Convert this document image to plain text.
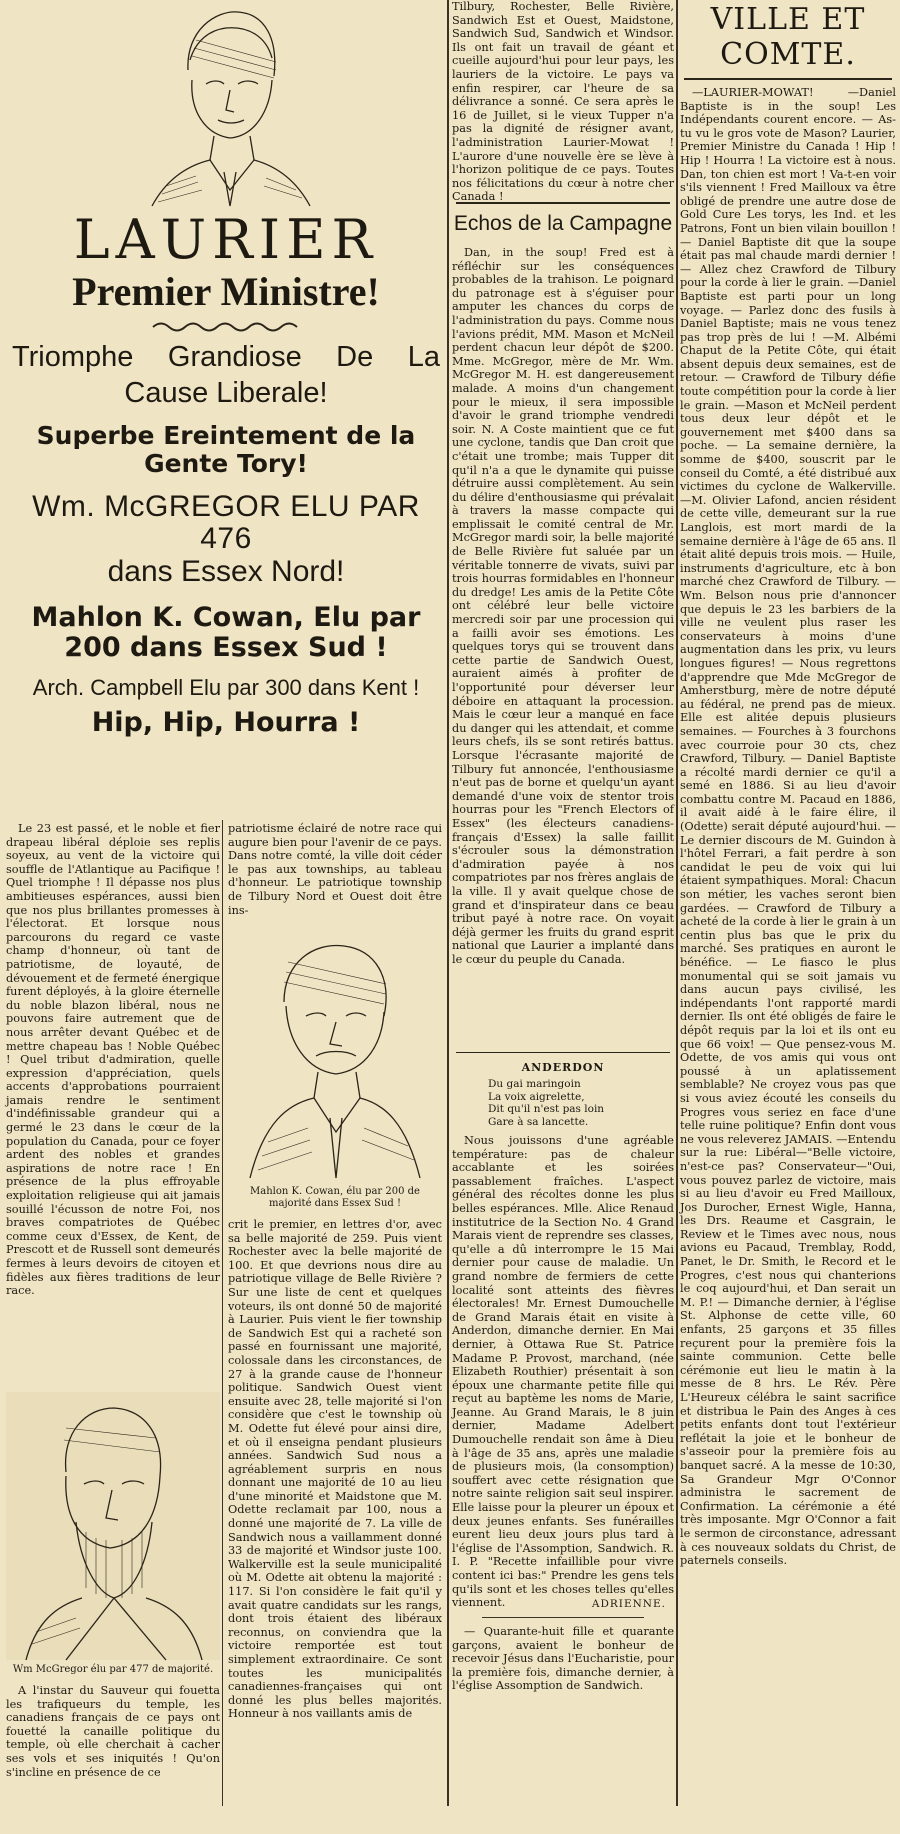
LAURIER
Premier Ministre!
Triomphe Grandiose De La
Cause Liberale!
Superbe Ereintement de la
Gente Tory!
Wm. McGREGOR ELU PAR 476
dans Essex Nord!
Mahlon K. Cowan, Elu par
200 dans Essex Sud !
Arch. Campbell Elu par 300 dans Kent !
Hip, Hip, Hourra !

Le 23 est passé, et le noble et fier drapeau libéral déploie ses replis soyeux, au vent de la victoire qui souffle de l'Atlantique au Pacifique ! Quel triomphe ! Il dépasse nos plus ambitieuses espérances, aussi bien que nos plus brillantes promesses à l'électorat. Et lorsque nous parcourons du regard ce vaste champ d'honneur, où tant de patriotisme, de loyauté, de dévouement et de fermeté énergique furent déployés, à la gloire éternelle du noble blazon libéral, nous ne pouvons faire autrement que de nous arrêter devant Québec et de mettre chapeau bas ! Noble Québec ! Quel tribut d'admiration, quelle expression d'appréciation, quels accents d'approbations pourraient jamais rendre le sentiment d'indéfinissable grandeur qui a germé le 23 dans le cœur de la population du Canada, pour ce foyer ardent des nobles et grandes aspirations de notre race ! En présence de la plus effroyable exploitation religieuse qui ait jamais souillé l'écusson de notre Foi, nos braves compatriotes de Québec comme ceux d'Essex, de Kent, de Prescott et de Russell sont demeurés fermes à leurs devoirs de citoyen et fidèles aux fières traditions de leur race.

Wm McGregor élu par 477 de majorité.

A l'instar du Sauveur qui fouetta les trafiqueurs du temple, les canadiens français de ce pays ont fouetté la canaille politique du temple, où elle cherchait à cacher ses vols et ses iniquités ! Qu'on s'incline en présence de ce

patriotisme éclairé de notre race qui augure bien pour l'avenir de ce pays. Dans notre comté, la ville doit céder le pas aux townships, au tableau d'honneur. Le patriotique township de Tilbury Nord et Ouest doit être ins-

Mahlon K. Cowan, élu par 200 de majorité dans Essex Sud !

crit le premier, en lettres d'or, avec sa belle majorité de 259. Puis vient Rochester avec la belle majorité de 100. Et que devrions nous dire au patriotique village de Belle Rivière ? Sur une liste de cent et quelques voteurs, ils ont donné 50 de majorité à Laurier. Puis vient le fier township de Sandwich Est qui a racheté son passé en fournissant une majorité, colossale dans les circonstances, de 27 à la grande cause de l'honneur politique. Sandwich Ouest vient ensuite avec 28, telle majorité si l'on considère que c'est le township où M. Odette fut élevé pour ainsi dire, et où il enseigna pendant plusieurs années. Sandwich Sud nous a agréablement surpris en nous donnant une majorité de 10 au lieu d'une minorité et Maidstone que M. Odette reclamait par 100, nous a donné une majorité de 7. La ville de Sandwich nous a vaillamment donné 33 de majorité et Windsor juste 100. Walkerville est la seule municipalité où M. Odette ait obtenu la majorité : 117. Si l'on considère le fait qu'il y avait quatre candidats sur les rangs, dont trois étaient des libéraux reconnus, on conviendra que la victoire remportée est tout simplement extraordinaire. Ce sont toutes les municipalités canadiennes-françaises qui ont donné les plus belles majorités. Honneur à nos vaillants amis de

Tilbury, Rochester, Belle Rivière, Sandwich Est et Ouest, Maidstone, Sandwich Sud, Sandwich et Windsor. Ils ont fait un travail de géant et cueille aujourd'hui pour leur pays, les lauriers de la victoire. Le pays va enfin respirer, car l'heure de sa délivrance a sonné. Ce sera après le 16 de Juillet, si le vieux Tupper n'a pas la dignité de résigner avant, l'administration Laurier-Mowat ! L'aurore d'une nouvelle ère se lève à l'horizon politique de ce pays. Toutes nos félicitations du cœur à notre cher Canada !

Echos de la Campagne

Dan, in the soup! Fred est à réfléchir sur les conséquences probables de la trahison. Le poignard du patronage est à s'éguiser pour amputer les chances du corps de l'administration du pays. Comme nous l'avions prédit, MM. Mason et McNeil perdent chacun leur dépôt de $200. Mme. McGregor, mère de Mr. Wm. McGregor M. H. est dangereusement malade. A moins d'un changement pour le mieux, il sera impossible d'avoir le grand triomphe vendredi soir. N. A Coste maintient que ce fut une cyclone, tandis que Dan croit que c'était une trombe; mais Tupper dit qu'il n'a a que le dynamite qui puisse détruire aussi complètement. Au sein du délire d'enthousiasme qui prévalait à travers la masse compacte qui emplissait le comité central de Mr. McGregor mardi soir, la belle majorité de Belle Rivière fut saluée par un véritable tonnerre de vivats, suivi par trois hourras formidables en l'honneur du dredge! Les amis de la Petite Côte ont célébré leur belle victoire mercredi soir par une procession qui a failli avoir ses émotions. Les quelques torys qui se trouvent dans cette partie de Sandwich Ouest, auraient aimés à profiter de l'opportunité pour déverser leur déboire en attaquant la procession. Mais le cœur leur a manqué en face du danger qui les attendait, et comme leurs chefs, ils se sont retirés battus. Lorsque l'écrasante majorité de Tilbury fut annoncée, l'enthousiasme n'eut pas de borne et quelqu'un ayant demandé d'une voix de stentor trois hourras pour les "French Electors of Essex" (les électeurs canadiens-français d'Essex) la salle faillit s'écrouler sous la démonstration d'admiration payée à nos compatriotes par nos frères anglais de la ville. Il y avait quelque chose de grand et d'inspirateur dans ce beau tribut payé à notre race. On voyait déjà germer les fruits du grand esprit national que Laurier a implanté dans le cœur du peuple du Canada.

ANDERDON
Du gai maringoin
La voix aigrelette,
Dit qu'il n'est pas loin
Gare à sa lancette.

Nous jouissons d'une agréable température: pas de chaleur accablante et les soirées passablement fraîches. L'aspect général des récoltes donne les plus belles espérances. Mlle. Alice Renaud institutrice de la Section No. 4 Grand Marais vient de reprendre ses classes, qu'elle a dû interrompre le 15 Mai dernier pour cause de maladie. Un grand nombre de fermiers de cette localité sont atteints des fièvres électorales! Mr. Ernest Dumouchelle de Grand Marais était en visite à Anderdon, dimanche dernier. En Mai dernier, à Ottawa Rue St. Patrice Madame P. Provost, marchand, (née Elizabeth Routhier) présentait à son époux une charmante petite fille qui reçut au baptème les noms de Marie, Jeanne. Au Grand Marais, le 8 juin dernier, Madame Adelbert Dumouchelle rendait son âme à Dieu à l'âge de 35 ans, après une maladie de plusieurs mois, (la consomption) souffert avec cette résignation que notre sainte religion sait seul inspirer. Elle laisse pour la pleurer un époux et deux jeunes enfants. Ses funérailles eurent lieu deux jours plus tard à l'église de l'Assomption, Sandwich. R. I. P. "Recette infaillible pour vivre content ici bas:" Prendre les gens tels qu'ils sont et les choses telles qu'elles viennent.	ADRIENNE.

— Quarante-huit fille et quarante garçons, avaient le bonheur de recevoir Jésus dans l'Eucharistie, pour la première fois, dimanche dernier, à l'église Assomption de Sandwich.

VILLE ET COMTE.

—LAURIER-MOWAT! —Daniel Baptiste is in the soup! Les Indépendants courent encore. — As-tu vu le gros vote de Mason? Laurier, Premier Ministre du Canada ! Hip ! Hip ! Hourra ! La victoire est à nous. Dan, ton chien est mort ! Va-t-en voir s'ils viennent ! Fred Mailloux va être obligé de prendre une autre dose de Gold Cure Les torys, les Ind. et les Patrons, Font un bien vilain bouillon ! — Daniel Baptiste dit que la soupe était pas mal chaude mardi dernier ! — Allez chez Crawford de Tilbury pour la corde à lier le grain. —Daniel Baptiste est parti pour un long voyage. — Parlez donc des fusils à Daniel Baptiste; mais ne vous tenez pas trop près de lui ! —M. Albémi Chaput de la Petite Côte, qui était absent depuis deux semaines, est de retour. — Crawford de Tilbury défie toute compétition pour la corde à lier le grain. —Mason et McNeil perdent tous deux leur dépôt et le gouvernement met $400 dans sa poche. — La semaine dernière, la somme de $400, souscrit par le conseil du Comté, a été distribué aux victimes du cyclone de Walkerville. —M. Olivier Lafond, ancien résident de cette ville, demeurant sur la rue Langlois, est mort mardi de la semaine dernière à l'âge de 65 ans. Il était alité depuis trois mois. — Huile, instruments d'agriculture, etc à bon marché chez Crawford de Tilbury. —Wm. Belson nous prie d'annoncer que depuis le 23 les barbiers de la ville ne veulent plus raser les conservateurs à moins d'une augmentation dans les prix, vu leurs longues figures! — Nous regrettons d'apprendre que Mde McGregor de Amherstburg, mère de notre député au fédéral, ne prend pas de mieux. Elle est alitée depuis plusieurs semaines. — Fourches à 3 fourchons avec courroie pour 30 cts, chez Crawford, Tilbury. — Daniel Baptiste a récolté mardi dernier ce qu'il a semé en 1886. Si au lieu d'avoir combattu contre M. Pacaud en 1886, il avait aidé à le faire élire, il (Odette) serait député aujourd'hui. — Le dernier discours de M. Guindon à l'hôtel Ferrari, a fait perdre à son candidat le peu de voix qui lui étaient sympathiques. Moral: Chacun son métier, les vaches seront bien gardées. — Crawford de Tilbury a acheté de la corde à lier le grain à un centin plus bas que le prix du marché. Ses pratiques en auront le bénéfice. — Le fiasco le plus monumental qui se soit jamais vu dans aucun pays civilisé, les indépendants l'ont rapporté mardi dernier. Ils ont été obligés de faire le dépôt requis par la loi et ils ont eu que 66 voix! — Que pensez-vous M. Odette, de vos amis qui vous ont poussé à un aplatissement semblable? Ne croyez vous pas que si vous aviez écouté les conseils du Progres vous seriez en face d'une telle ruine politique? Enfin dont vous ne vous releverez JAMAIS. —Entendu sur la rue: Libéral—"Belle victoire, n'est-ce pas? Conservateur—"Oui, vous pouvez parlez de victoire, mais si au lieu d'avoir eu Fred Mailloux, Jos Durocher, Ernest Wigle, Hanna, les Drs. Reaume et Casgrain, le Review et le Times avec nous, nous avions eu Pacaud, Tremblay, Rodd, Panet, le Dr. Smith, le Record et le Progres, c'est nous qui chanterions le coq aujourd'hui, et Dan serait un M. P.! — Dimanche dernier, à l'église St. Alphonse de cette ville, 60 enfants, 25 garçons et 35 filles reçurent pour la première fois la sainte communion. Cette belle cérémonie eut lieu le matin à la messe de 8 hrs. Le Rév. Père L'Heureux célébra le saint sacrifice et distribua le Pain des Anges à ces petits enfants dont tout l'extérieur reflétait la joie et le bonheur de s'asseoir pour la première fois au banquet sacré. A la messe de 10:30, Sa Grandeur Mgr O'Connor administra le sacrement de Confirmation. La cérémonie a été très imposante. Mgr O'Connor a fait le sermon de circonstance, adressant à ces nouveaux soldats du Christ, de paternels conseils.
